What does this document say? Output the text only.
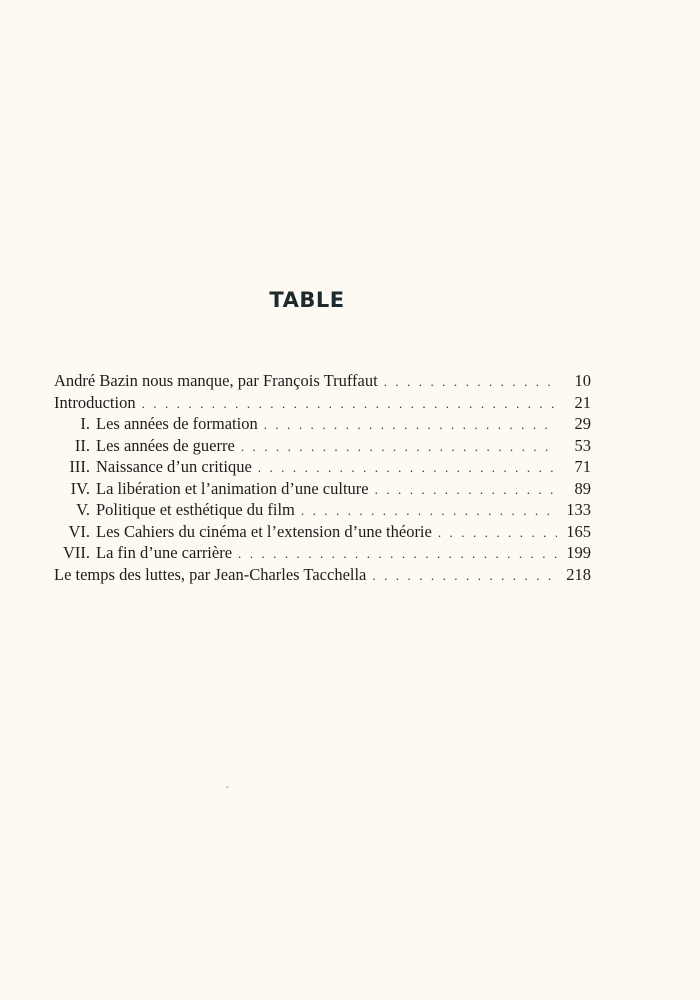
TABLE
André Bazin nous manque, par François Truffaut . . .	10
Introduction . . .	21
I. Les années de formation . . .	29
II. Les années de guerre . . .	53
III. Naissance d’un critique . . .	71
IV. La libération et l’animation d’une culture . . .	89
V. Politique et esthétique du film . . .	133
VI. Les Cahiers du cinéma et l’extension d’une théorie . . .	165
VII. La fin d’une carrière . . .	199
Le temps des luttes, par Jean-Charles Tacchella . . .	218
